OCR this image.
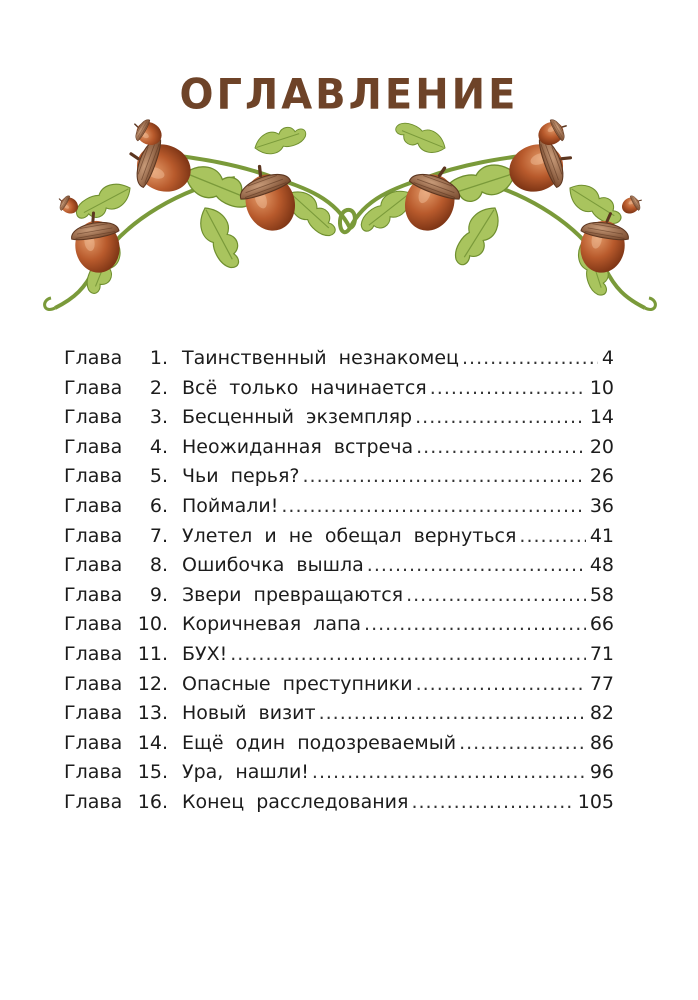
ОГЛАВЛЕНИЕ
Глава	1. Таинственный незнакомец .....	4
Глава	2. Всё только начинается .....	10
Глава	3. Бесценный экземпляр .....	14
Глава	4. Неожиданная встреча .....	20
Глава	5. Чьи перья? .....	26
Глава	6. Поймали! .....	36
Глава	7. Улетел и не обещал вернуться .....	41
Глава	8. Ошибочка вышла .....	48
Глава	9. Звери превращаются .....	58
Глава 10. Коричневая лапа .....	66
Глава 11. БУХ! .....	71
Глава 12. Опасные преступники .....	77
Глава 13. Новый визит .....	82
Глава 14. Ещё один подозреваемый .....	86
Глава 15. Ура, нашли! .....	96
Глава 16. Конец расследования .....	105
